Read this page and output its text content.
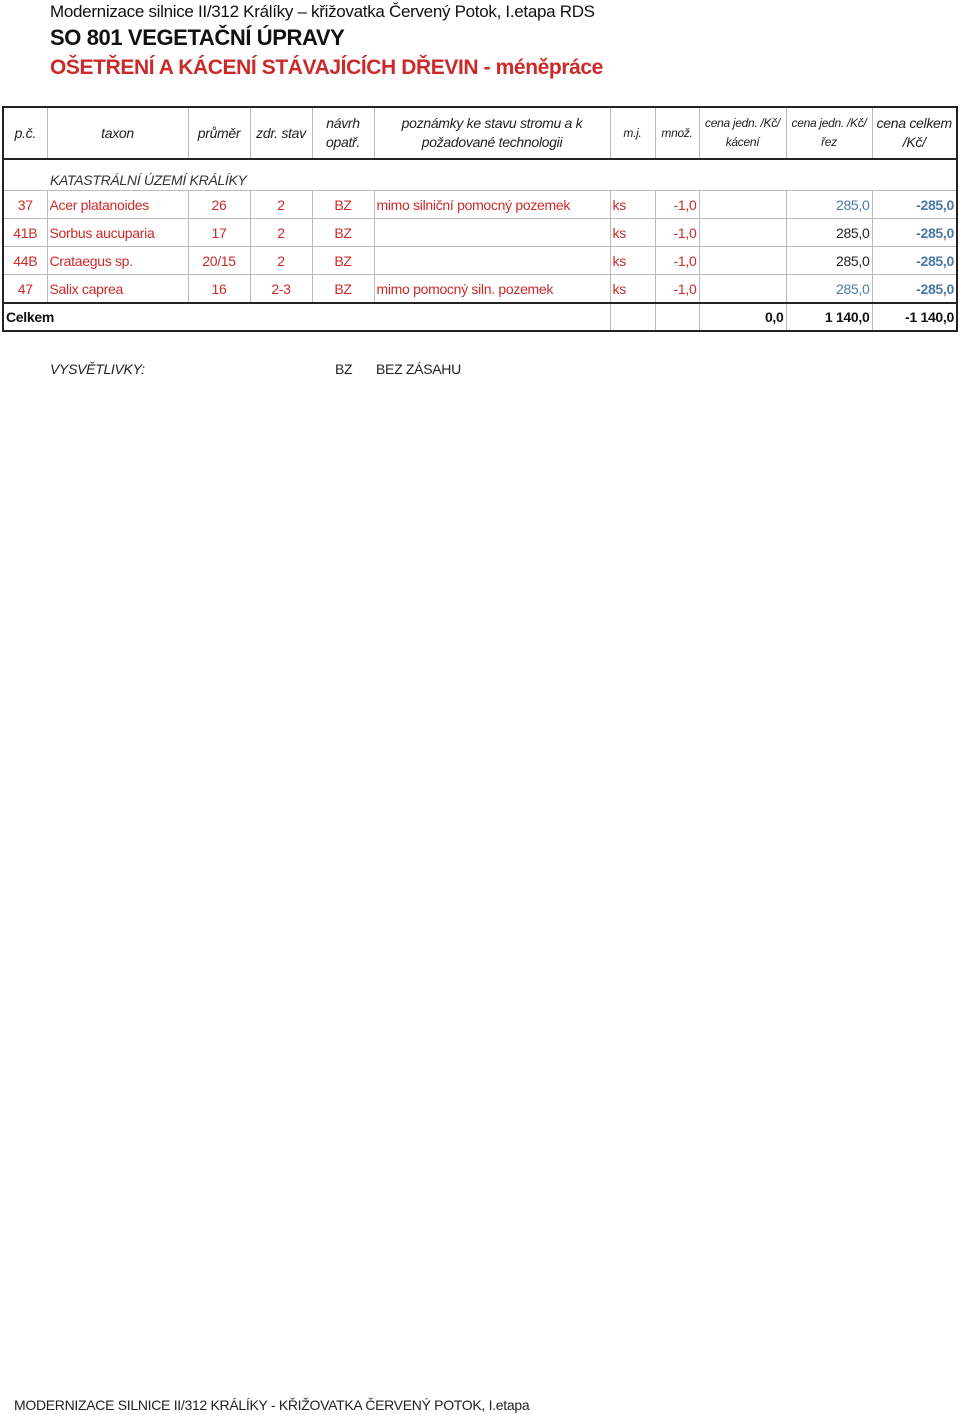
Modernizace silnice II/312 Králíky – křižovatka Červený Potok, I.etapa RDS
SO 801 VEGETAČNÍ ÚPRAVY
OŠETŘENÍ A KÁCENÍ STÁVAJÍCÍCH DŘEVIN - méněpráce
p.č.	taxon	průměr	zdr. stav	návrh opatř.	poznámky ke stavu stromu a k požadované technologii	m.j.	množ.	cena jedn. /Kč/ kácení	cena jedn. /Kč/ řez	cena celkem /Kč/
KATASTRÁLNÍ ÚZEMÍ KRÁLÍKY										
37	Acer platanoides	26	2	BZ	mimo silniční pomocný pozemek	ks	-1,0		285,0	-285,0
41B	Sorbus aucuparia	17	2	BZ		ks	-1,0		285,0	-285,0
44B	Crataegus sp.	20/15	2	BZ		ks	-1,0		285,0	-285,0
47	Salix caprea	16	2-3	BZ	mimo pomocný siln. pozemek	ks	-1,0		285,0	-285,0
Celkem								0,0	1 140,0	-1 140,0
VYSVĚTLIVKY:	BZ BEZ ZÁSAHU
MODERNIZACE SILNICE II/312 KRÁLÍKY - KŘIŽOVATKA ČERVENÝ POTOK, I.etapa
